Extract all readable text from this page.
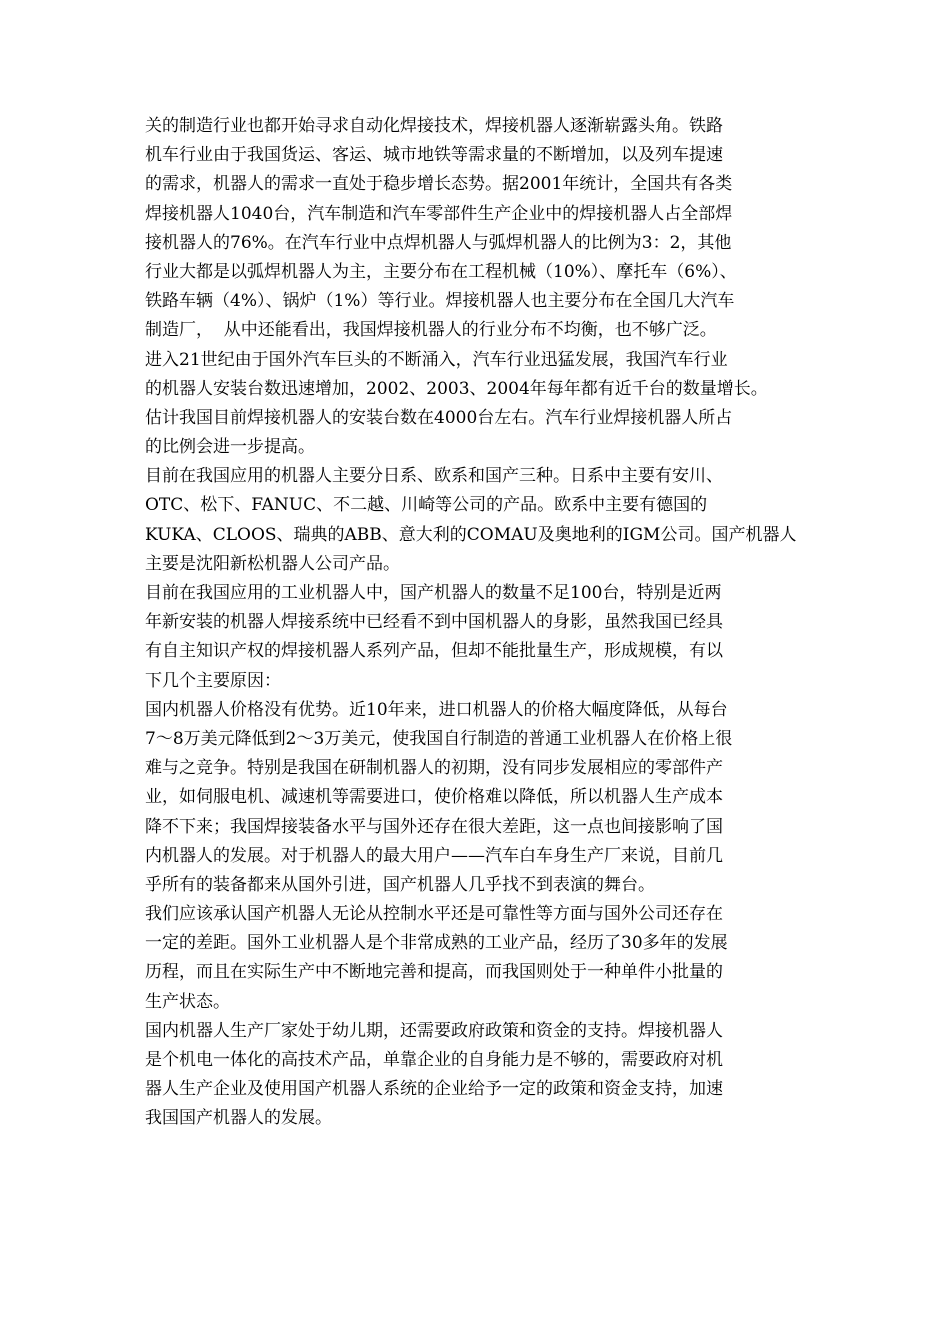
关的制造行业也都开始寻求自动化焊接技术，焊接机器人逐渐崭露头角。铁路
机车行业由于我国货运、客运、城市地铁等需求量的不断增加，以及列车提速
的需求，机器人的需求一直处于稳步增长态势。据2001年统计，全国共有各类
焊接机器人1040台，汽车制造和汽车零部件生产企业中的焊接机器人占全部焊
接机器人的76%。在汽车行业中点焊机器人与弧焊机器人的比例为3：2，其他
行业大都是以弧焊机器人为主，主要分布在工程机械（10%）、摩托车（6%）、
铁路车辆（4%）、锅炉（1%）等行业。焊接机器人也主要分布在全国几大汽车
制造厂，  从中还能看出，我国焊接机器人的行业分布不均衡，也不够广泛。
进入21世纪由于国外汽车巨头的不断涌入，汽车行业迅猛发展，我国汽车行业
的机器人安装台数迅速增加，2002、2003、2004年每年都有近千台的数量增长。
估计我国目前焊接机器人的安装台数在4000台左右。汽车行业焊接机器人所占
的比例会进一步提高。
目前在我国应用的机器人主要分日系、欧系和国产三种。日系中主要有安川、
OTC、松下、FANUC、不二越、川崎等公司的产品。欧系中主要有德国的
KUKA、CLOOS、瑞典的ABB、意大利的COMAU及奥地利的IGM公司。国产机器人
主要是沈阳新松机器人公司产品。
目前在我国应用的工业机器人中，国产机器人的数量不足100台，特别是近两
年新安装的机器人焊接系统中已经看不到中国机器人的身影，虽然我国已经具
有自主知识产权的焊接机器人系列产品，但却不能批量生产，形成规模，有以
下几个主要原因：
国内机器人价格没有优势。近10年来，进口机器人的价格大幅度降低，从每台
7～8万美元降低到2～3万美元，使我国自行制造的普通工业机器人在价格上很
难与之竞争。特别是我国在研制机器人的初期，没有同步发展相应的零部件产
业，如伺服电机、减速机等需要进口，使价格难以降低，所以机器人生产成本
降不下来；我国焊接装备水平与国外还存在很大差距，这一点也间接影响了国
内机器人的发展。对于机器人的最大用户——汽车白车身生产厂来说，目前几
乎所有的装备都来从国外引进，国产机器人几乎找不到表演的舞台。
我们应该承认国产机器人无论从控制水平还是可靠性等方面与国外公司还存在
一定的差距。国外工业机器人是个非常成熟的工业产品，经历了30多年的发展
历程，而且在实际生产中不断地完善和提高，而我国则处于一种单件小批量的
生产状态。
国内机器人生产厂家处于幼儿期，还需要政府政策和资金的支持。焊接机器人
是个机电一体化的高技术产品，单靠企业的自身能力是不够的，需要政府对机
器人生产企业及使用国产机器人系统的企业给予一定的政策和资金支持，加速
我国国产机器人的发展。
